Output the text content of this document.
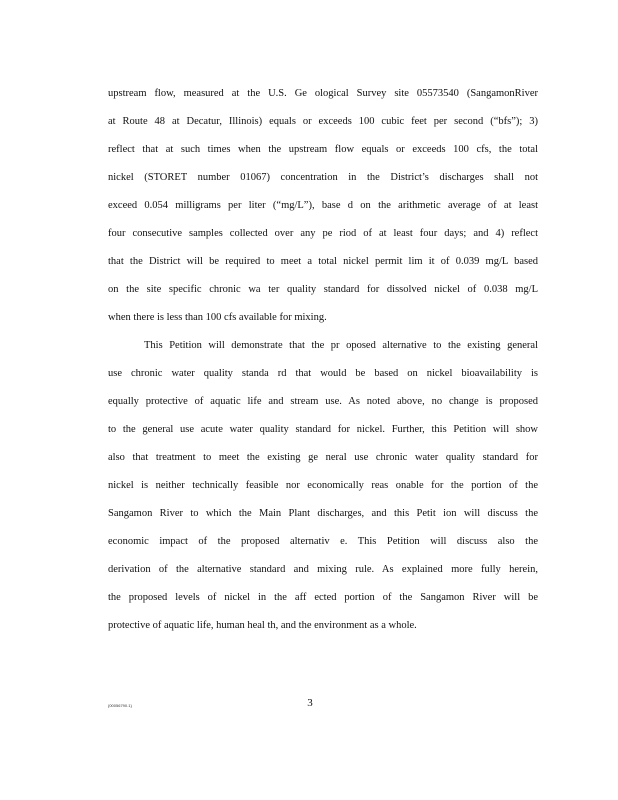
upstream flow, measured at the U.S. Ge ological Survey site 05573540 (SangamonRiver
at Route 48 at Decatur, Illinois) equals or exceeds 100 cubic feet per second (“bfs”); 3)
reflect that at such times when the upstream flow equals or exceeds 100 cfs, the total
nickel (STORET number 01067) concentration in the District’s discharges shall not
exceed 0.054 milligrams per liter (“mg/L”), base d on the arithmetic average of at least
four consecutive samples collected over any pe riod of at least four days; and 4) reflect
that the District will be required to meet a total nickel permit lim it of 0.039 mg/L based
on the site specific chronic wa ter quality standard for dissolved nickel of 0.038 mg/L
when there is less than 100 cfs available for mixing.
This Petition will demonstrate that the pr oposed alternative to the existing general
use chronic water quality standa rd that would be based on nickel bioavailability is
equally protective of aquatic life and stream use. As noted above, no change is proposed
to the general use acute water quality standard for nickel. Further, this Petition will show
also that treatment to meet the existing ge neral use chronic water quality standard for
nickel is neither technically feasible nor economically reas onable for the portion of the
Sangamon River to which the Main Plant discharges, and this Petit ion will discuss the
economic impact of the proposed alternativ e. This Petition will discuss also the
derivation of the alternative standard and mixing rule. As explained more fully herein,
the proposed levels of nickel in the aff ected portion of the Sangamon River will be
protective of aquatic life, human heal th, and the environment as a whole.
{00056790.1}	3
